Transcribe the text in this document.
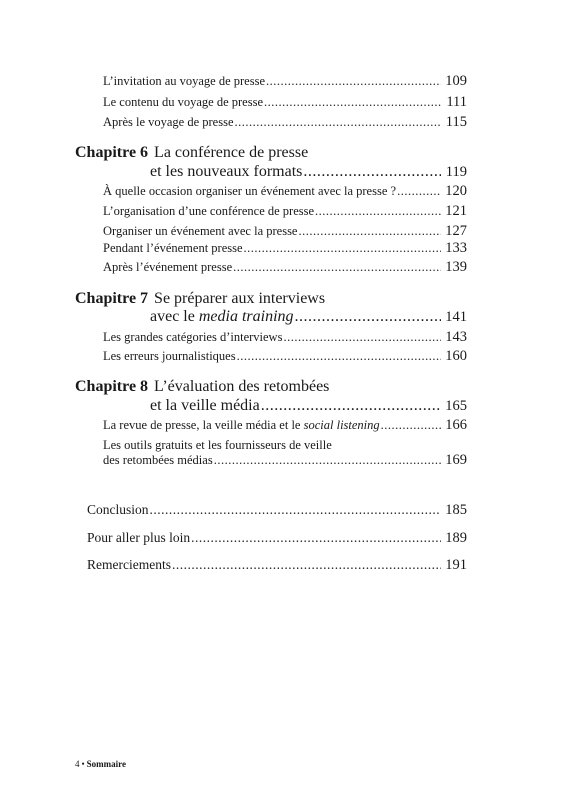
L’invitation au voyage de presse .....	109
Le contenu du voyage de presse .....	111
Après le voyage de presse .....	115
Chapitre 6 La conférence de presse
et les nouveaux formats .....	119
À quelle occasion organiser un événement avec la presse ? .....	120
L’organisation d’une conférence de presse .....	121
Organiser un événement avec la presse .....	127
Pendant l’événement presse .....	133
Après l’événement presse .....	139
Chapitre 7 Se préparer aux interviews
avec le media training .....	141
Les grandes catégories d’interviews .....	143
Les erreurs journalistiques .....	160
Chapitre 8 L’évaluation des retombées
et la veille média .....	165
La revue de presse, la veille média et le social listening .....	166
Les outils gratuits et les fournisseurs de veille
des retombées médias .....	169
Conclusion .....	185
Pour aller plus loin .....	189
Remerciements .....	191
4 • Sommaire
